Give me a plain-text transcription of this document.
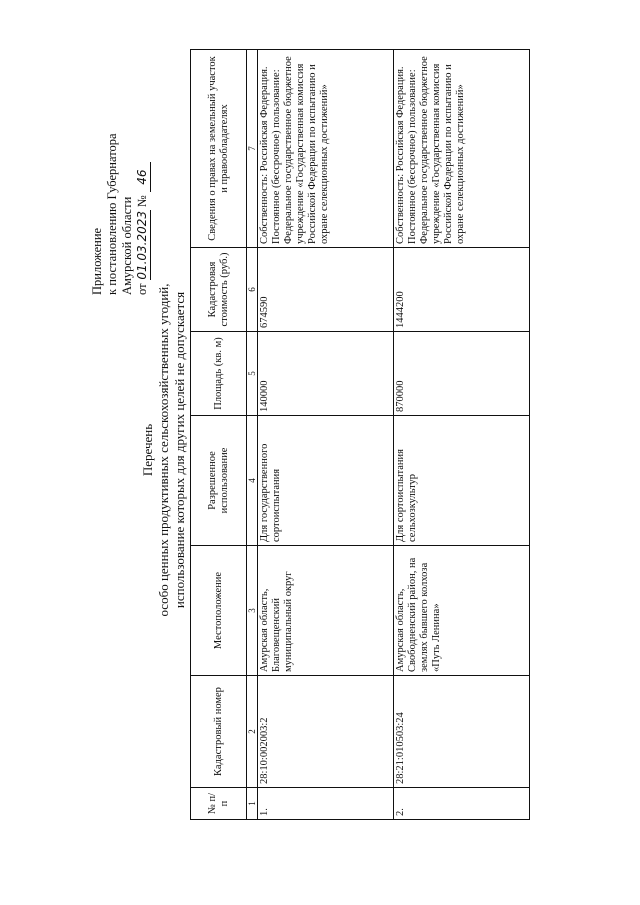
Приложение к постановлению Губернатора Амурской области от 01.03.2023 № 46
Перечень особо ценных продуктивных сельскохозяйственных угодий, использование которых для других целей не допускается
№ п/п	Кадастровый номер	Местоположение	Разрешенное использование	Площадь (кв. м)	Кадастровая стоимость (руб.)	Сведения о правах на земельный участок и правообладателях
1	2	3	4	5	6	7
1.	28:10:002003:2	Амурская область, Благовещенский муниципальный округ	Для государственного сортоиспытания	140000	674590	Собственность: Российская Федерация. Постоянное (бессрочное) пользование: Федеральное государственное бюджетное учреждение «Государственная комиссия Российской Федерации по испытанию и охране селекционных достижений»
2.	28:21:010503:24	Амурская область, Свободненский район, на землях бывшего колхоза «Путь Ленина»	Для сортоиспытания сельхозкультур	870000	1444200	Собственность: Российская Федерация. Постоянное (бессрочное) пользование: Федеральное государственное бюджетное учреждение «Государственная комиссия Российской Федерации по испытанию и охране селекционных достижений»
